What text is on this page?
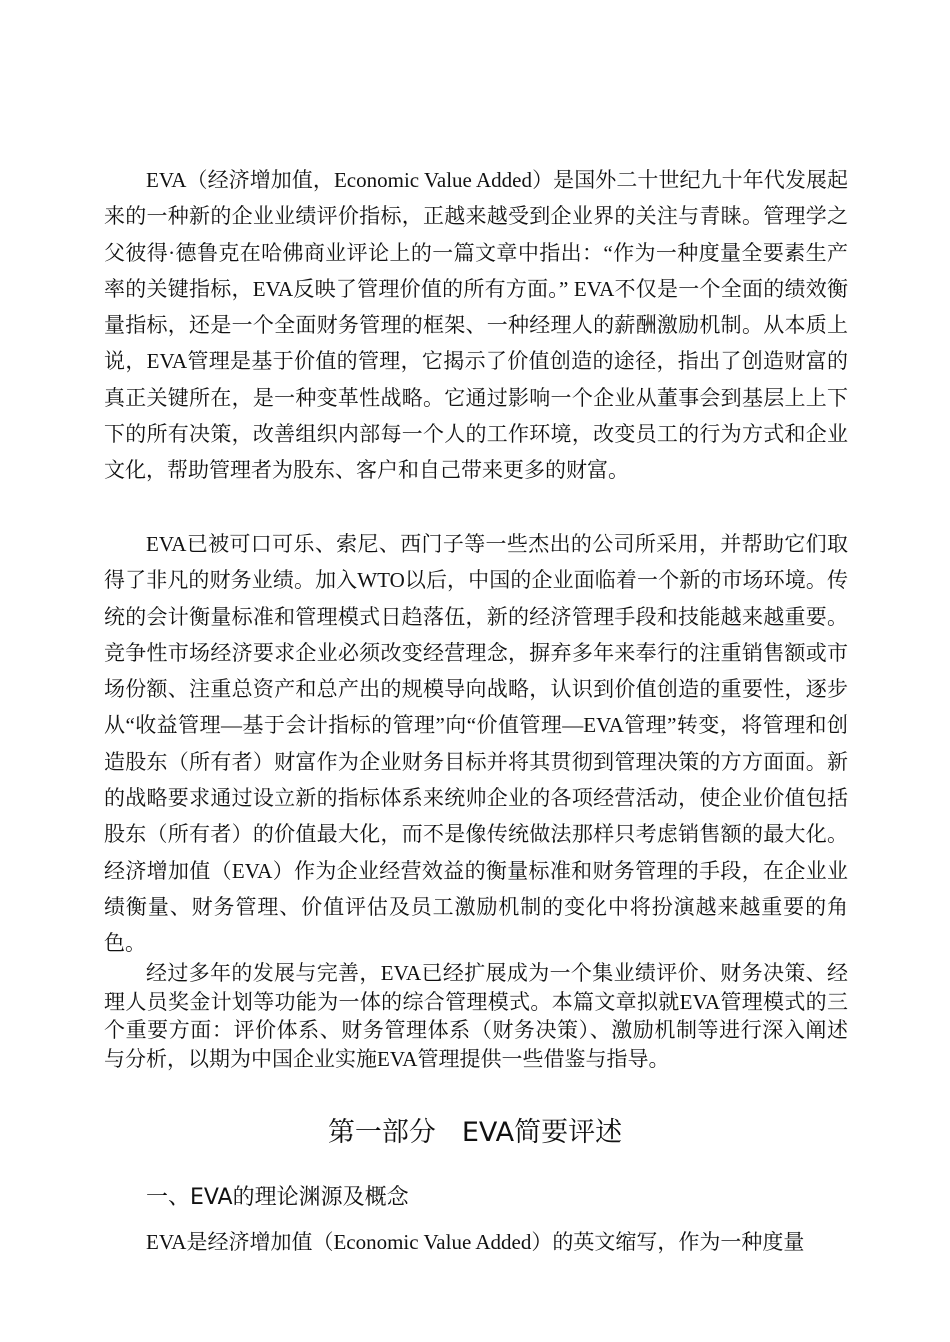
EVA（经济增加值，Economic Value Added）是国外二十世纪九十年代发展起来的一种新的企业业绩评价指标，正越来越受到企业界的关注与青睐。管理学之父彼得·德鲁克在哈佛商业评论上的一篇文章中指出：“作为一种度量全要素生产率的关键指标，EVA反映了管理价值的所有方面。” EVA不仅是一个全面的绩效衡量指标，还是一个全面财务管理的框架、一种经理人的薪酬激励机制。从本质上说，EVA管理是基于价值的管理，它揭示了价值创造的途径，指出了创造财富的真正关键所在，是一种变革性战略。它通过影响一个企业从董事会到基层上上下下的所有决策，改善组织内部每一个人的工作环境，改变员工的行为方式和企业文化，帮助管理者为股东、客户和自己带来更多的财富。

EVA已被可口可乐、索尼、西门子等一些杰出的公司所采用，并帮助它们取得了非凡的财务业绩。加入WTO以后，中国的企业面临着一个新的市场环境。传统的会计衡量标准和管理模式日趋落伍，新的经济管理手段和技能越来越重要。竞争性市场经济要求企业必须改变经营理念，摒弃多年来奉行的注重销售额或市场份额、注重总资产和总产出的规模导向战略，认识到价值创造的重要性，逐步从“收益管理—基于会计指标的管理”向“价值管理—EVA管理”转变，将管理和创造股东（所有者）财富作为企业财务目标并将其贯彻到管理决策的方方面面。新的战略要求通过设立新的指标体系来统帅企业的各项经营活动，使企业价值包括股东（所有者）的价值最大化，而不是像传统做法那样只考虑销售额的最大化。经济增加值（EVA）作为企业经营效益的衡量标准和财务管理的手段，在企业业绩衡量、财务管理、价值评估及员工激励机制的变化中将扮演越来越重要的角色。

经过多年的发展与完善，EVA已经扩展成为一个集业绩评价、财务决策、经理人员奖金计划等功能为一体的综合管理模式。本篇文章拟就EVA管理模式的三个重要方面：评价体系、财务管理体系（财务决策）、激励机制等进行深入阐述与分析，以期为中国企业实施EVA管理提供一些借鉴与指导。

第一部分 EVA简要评述
一、EVA的理论渊源及概念

EVA是经济增加值（Economic Value Added）的英文缩写，作为一种度量
